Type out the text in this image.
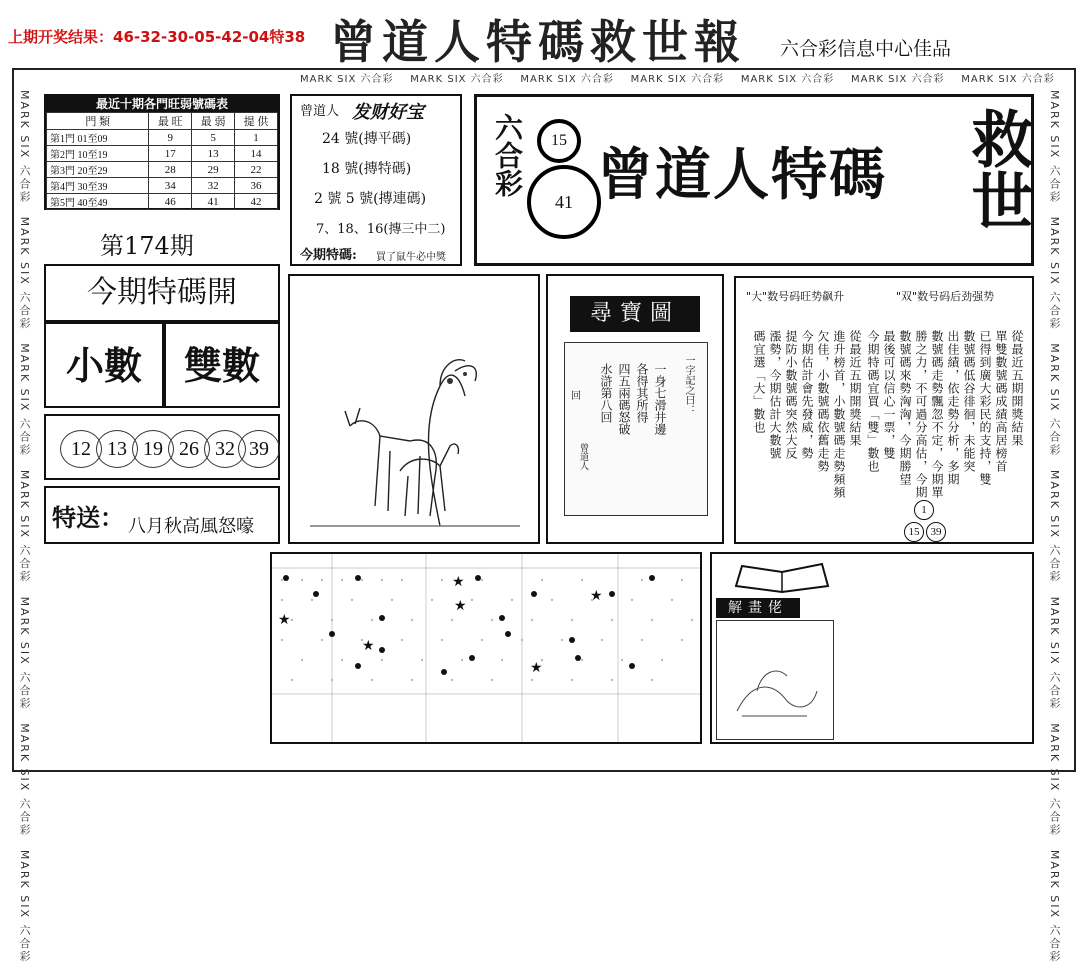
上期开奖结果：46-32-30-05-42-04特38 曾道人特碼救世報 六合彩信息中心佳品
MARK SIX 六合彩 MARK SIX 六合彩 MARK SIX 六合彩 MARK SIX 六合彩 MARK SIX 六合彩 MARK SIX 六合彩 MARK SIX 六合彩
MARK SIX 六合彩　MARK SIX 六合彩　MARK SIX 六合彩　MARK SIX 六合彩　MARK SIX 六合彩　MARK SIX 六合彩　MARK SIX 六合彩
MARK SIX 六合彩　MARK SIX 六合彩　MARK SIX 六合彩　MARK SIX 六合彩　MARK SIX 六合彩　MARK SIX 六合彩　MARK SIX 六合彩
最近十期各門旺弱號碼表
門 類	最 旺	最 弱	提 供
第1門 01至09	9	5	1
第2門 10至19	17	13	14
第3門 20至29	28	29	22
第4門 30至39	34	32	36
第5門 40至49	46	41	42
第174期
今期特碼開
小數	雙數
12 13 19 26 32 39
特送： 八月秋高風怒嚎
曾道人 发财好宝
24 號(摶平碼)
18 號(摶特碼)
2 號 5 號(摶連碼)
7、18、16(摶三中二)
今期特碼:	買了鼠牛必中獎
六合彩	15
41 曾道人特碼 救世
尋寶圖
一字記之曰：
回	一身七滑井邊
各得其所得
四五兩碼怒破
水滸第八回
曾道人
"大"数号码旺势飙升	"双"数号码后劲强势
從最近五期開獎結果
單雙數號碼成績高居榜首
已得到廣大彩民的支持，雙
數號碼低谷徘徊，未能突
出佳績，依走勢分析，多期
數號碼走勢飄忽不定，今期單
勝之力，不可過分高估，今期
數號碼來勢洶洶，今期勝望
最後可以信心一票，雙
今期特碼宜買「雙」數也
從最近五期開獎結果
進升榜首，小數號碼走勢頻頻
欠佳，小數號碼依舊走勢
今期估計會先發威，勢
提防小數號碼突然大反
漲勢，今期估計大數號
碼宜選「大」數也
1
15	39
★
★
★
★
★
★
解畫佬
